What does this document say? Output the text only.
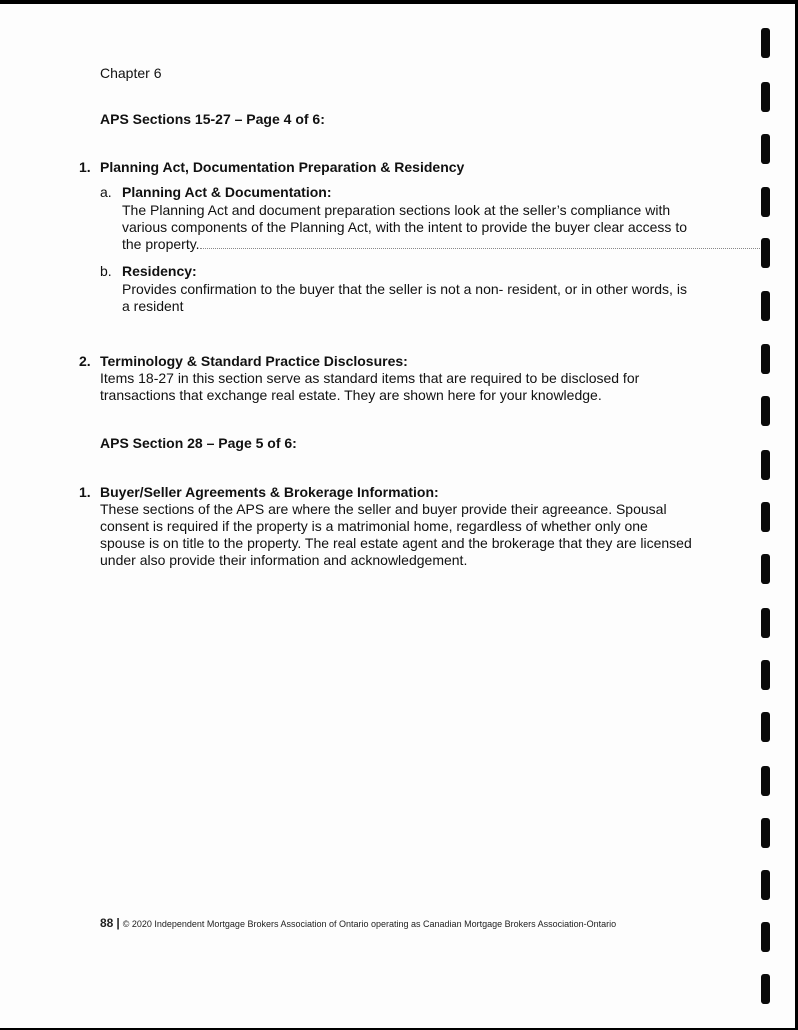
Chapter 6
APS Sections 15-27 – Page 4 of 6:
1. Planning Act, Documentation Preparation & Residency
a. Planning Act & Documentation:
The Planning Act and document preparation sections look at the seller’s compliance with
various components of the Planning Act, with the intent to provide the buyer clear access to
the property.
b. Residency:
Provides confirmation to the buyer that the seller is not a non- resident, or in other words, is
a resident
2. Terminology & Standard Practice Disclosures:
Items 18-27 in this section serve as standard items that are required to be disclosed for
transactions that exchange real estate. They are shown here for your knowledge.
APS Section 28 – Page 5 of 6:
1. Buyer/Seller Agreements & Brokerage Information:
These sections of the APS are where the seller and buyer provide their agreeance. Spousal
consent is required if the property is a matrimonial home, regardless of whether only one
spouse is on title to the property. The real estate agent and the brokerage that they are licensed
under also provide their information and acknowledgement.
88 | © 2020 Independent Mortgage Brokers Association of Ontario operating as Canadian Mortgage Brokers Association-Ontario
